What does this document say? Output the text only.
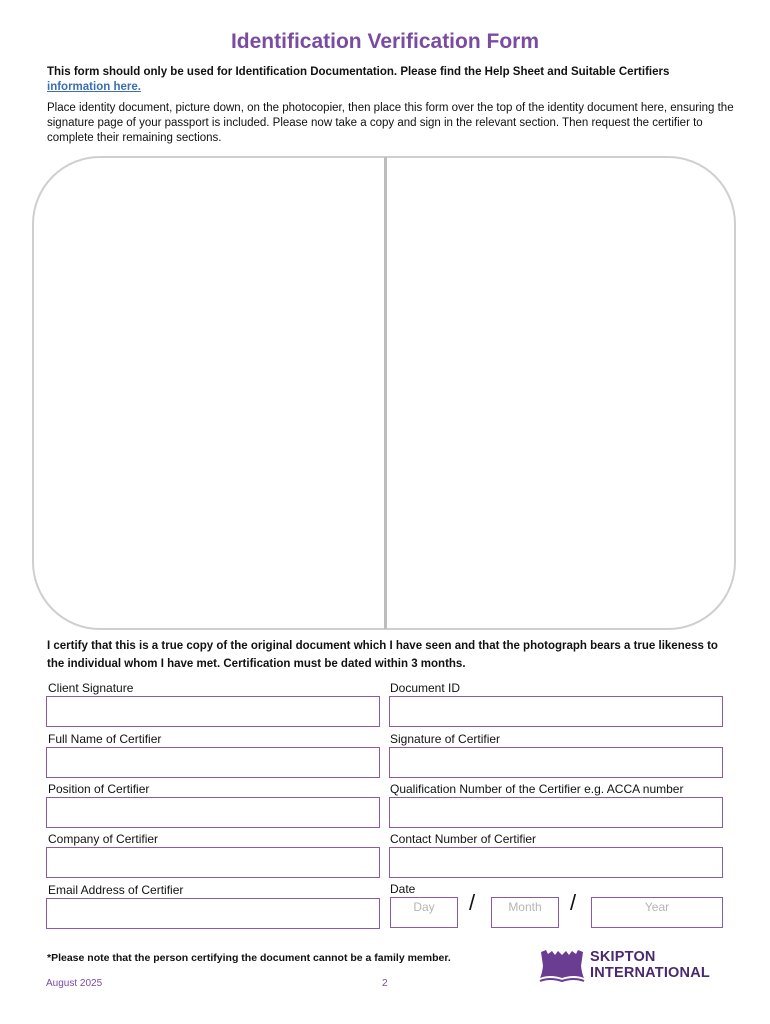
Identification Verification Form
This form should only be used for Identification Documentation. Please find the Help Sheet and Suitable Certifiers information here.
Place identity document, picture down, on the photocopier, then place this form over the top of the identity document here, ensuring the signature page of your passport is included. Please now take a copy and sign in the relevant section. Then request the certifier to complete their remaining sections.
I certify that this is a true copy of the original document which I have seen and that the photograph bears a true likeness to the individual whom I have met. Certification must be dated within 3 months.
Client Signature	Document ID
Full Name of Certifier	Signature of Certifier
Position of Certifier	Qualification Number of the Certifier e.g. ACCA number
Company of Certifier	Contact Number of Certifier
Email Address of Certifier	Date
Day	/	Month	/	Year
*Please note that the person certifying the document cannot be a family member.
August 2025	2
SKIPTON
INTERNATIONAL
